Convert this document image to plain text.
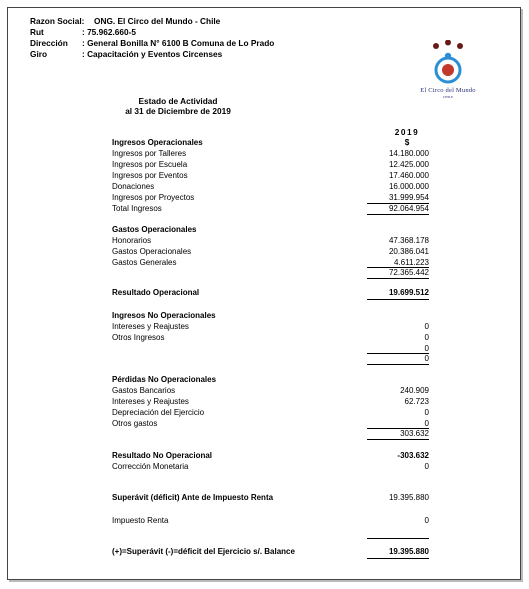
Razon Social: ONG. El Circo del Mundo - Chile
Rut	: 75.962.660-5
Dirección : General Bonilla N° 6100 B Comuna de Lo Prado
Giro	: Capacitación y Eventos Circenses
El Circo del Mundo
CHILE
Estado de Actividad
al 31 de Diciembre de 2019
2019
$
Ingresos Operacionales
Ingresos por Talleres	14.180.000
Ingresos por Escuela	12.425.000
Ingresos por Eventos	17.460.000
Donaciones	16.000.000
Ingresos por Proyectos	31.999.954
Total Ingresos	92.064.954
Gastos Operacionales
Honorarios	47.368.178
Gastos Operacionales	20.386.041
Gastos Generales	4.611.223
72.365.442
Resultado Operacional	19.699.512
Ingresos No Operacionales
Intereses y Reajustes	0
Otros Ingresos	0
0
0
Pérdidas No Operacionales
Gastos Bancarios	240.909
Intereses y Reajustes	62.723
Depreciación del Ejercicio	0
Otros gastos	0
303.632
Resultado No Operacional	-303.632
Corrección Monetaria	0
Superávit (déficit) Ante de Impuesto Renta	19.395.880
Impuesto Renta	0
(+)=Superávit (-)=déficit del Ejercicio s/. Balance	19.395.880
